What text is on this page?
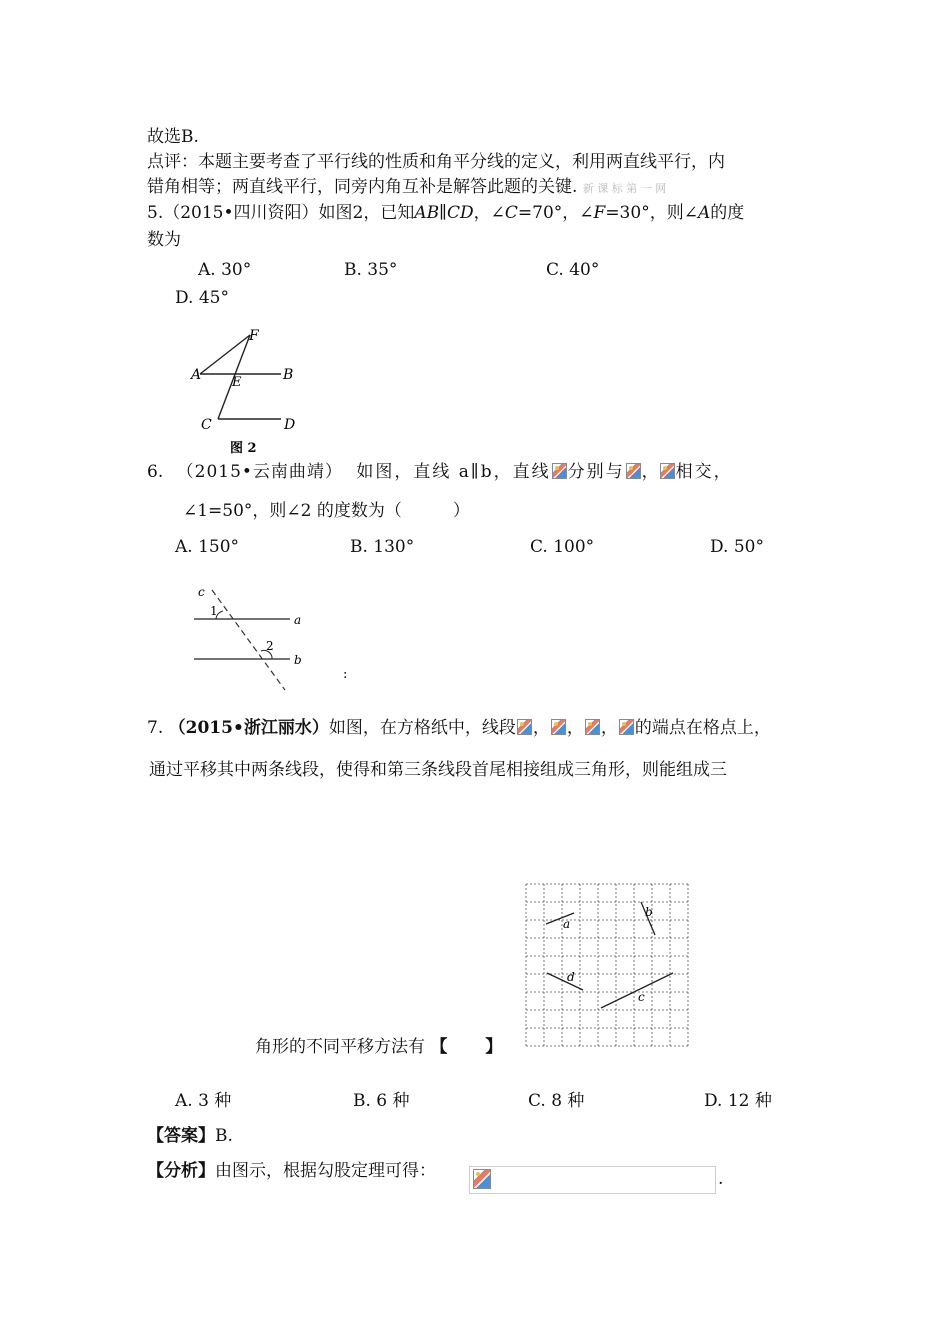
故选B.
点评：本题主要考查了平行线的性质和角平分线的定义，利用两直线平行，内
错角相等；两直线平行，同旁内角互补是解答此题的关键. 新 课 标 第 一 网
5.（2015•四川资阳）如图2，已知AB∥CD，∠C=70°，∠F=30°，则∠A的度
数为
A. 30°	B. 35°	C. 40°
D. 45°
F
A E	B
C	D
图 2
6. （2015•云南曲靖） 如图，直线 a∥b，直线 分别与 ， 相交，
∠1=50°，则∠2 的度数为（　　　）
A. 150°	B. 130°	C. 100°	D. 50°
c
1
a
2
b
:
7. （2015•浙江丽水）如图，在方格纸中，线段 ， ， ， 的端点在格点上，
通过平移其中两条线段，使得和第三条线段首尾相接组成三角形，则能组成三
a
b
c
d
角形的不同平移方法有 【 】
A. 3 种	B. 6 种	C. 8 种	D. 12 种
【答案】B.
【分析】由图示，根据勾股定理可得：	.
